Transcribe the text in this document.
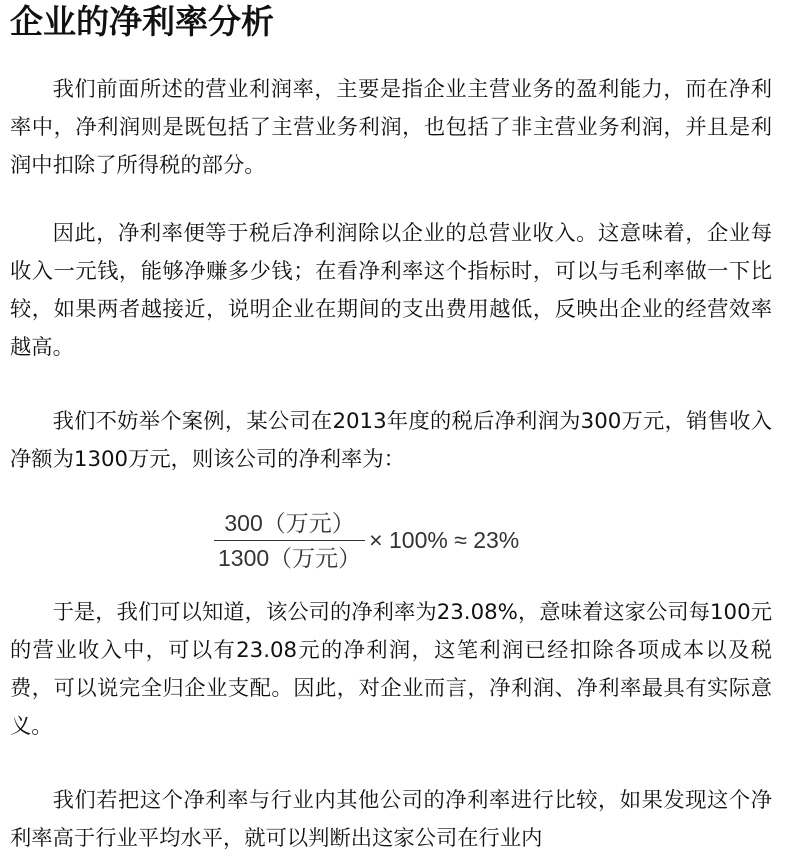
企业的净利率分析

我们前面所述的营业利润率，主要是指企业主营业务的盈利能力，而在净利率中，净利润则是既包括了主营业务利润，也包括了非主营业务利润，并且是利润中扣除了所得税的部分。

因此，净利率便等于税后净利润除以企业的总营业收入。这意味着，企业每收入一元钱，能够净赚多少钱；在看净利率这个指标时，可以与毛利率做一下比较，如果两者越接近，说明企业在期间的支出费用越低，反映出企业的经营效率越高。

我们不妨举个案例，某公司在2013年度的税后净利润为300万元，销售收入净额为1300万元，则该公司的净利率为：

$\frac{\text{300（万元）}}{\text{1300（万元）}} \times 100\% \approx 23\%$

于是，我们可以知道，该公司的净利率为23.08%，意味着这家公司每100元的营业收入中，可以有23.08元的净利润，这笔利润已经扣除各项成本以及税费，可以说完全归企业支配。因此，对企业而言，净利润、净利率最具有实际意义。

我们若把这个净利率与行业内其他公司的净利率进行比较，如果发现这个净利率高于行业平均水平，就可以判断出这家公司在行业内
